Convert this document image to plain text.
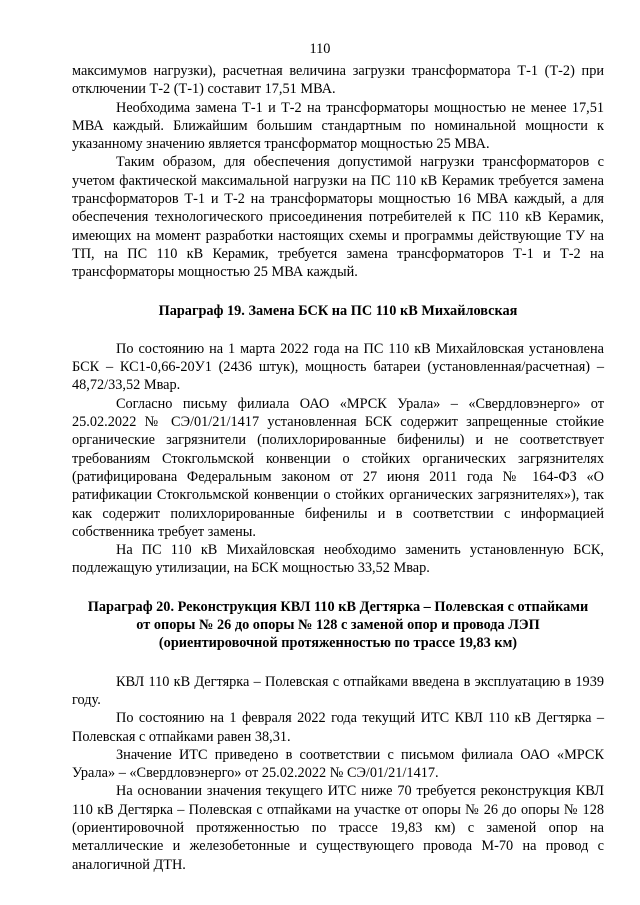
110

максимумов нагрузки), расчетная величина загрузки трансформатора Т-1 (Т-2) при отключении Т-2 (Т-1) составит 17,51 МВА.

Необходима замена Т-1 и Т-2 на трансформаторы мощностью не менее 17,51 МВА каждый. Ближайшим большим стандартным по номинальной мощности к указанному значению является трансформатор мощностью 25 МВА.

Таким образом, для обеспечения допустимой нагрузки трансформаторов с учетом фактической максимальной нагрузки на ПС 110 кВ Керамик требуется замена трансформаторов Т-1 и Т-2 на трансформаторы мощностью 16 МВА каждый, а для обеспечения технологического присоединения потребителей к ПС 110 кВ Керамик, имеющих на момент разработки настоящих схемы и программы действующие ТУ на ТП, на ПС 110 кВ Керамик, требуется замена трансформаторов Т-1 и Т-2 на трансформаторы мощностью 25 МВА каждый.

Параграф 19. Замена БСК на ПС 110 кВ Михайловская

По состоянию на 1 марта 2022 года на ПС 110 кВ Михайловская установлена БСК – КС1-0,66-20У1 (2436 штук), мощность батареи (установленная/расчетная) – 48,72/33,52 Мвар.

Согласно письму филиала ОАО «МРСК Урала» – «Свердловэнерго» от 25.02.2022 № СЭ/01/21/1417 установленная БСК содержит запрещенные стойкие органические загрязнители (полихлорированные бифенилы) и не соответствует требованиям Стокгольмской конвенции о стойких органических загрязнителях (ратифицирована Федеральным законом от 27 июня 2011 года № 164-ФЗ «О ратификации Стокгольмской конвенции о стойких органических загрязнителях»), так как содержит полихлорированные бифенилы и в соответствии с информацией собственника требует замены.

На ПС 110 кВ Михайловская необходимо заменить установленную БСК, подлежащую утилизации, на БСК мощностью 33,52 Мвар.

Параграф 20. Реконструкция КВЛ 110 кВ Дегтярка – Полевская с отпайками
от опоры № 26 до опоры № 128 с заменой опор и провода ЛЭП
(ориентировочной протяженностью по трассе 19,83 км)

КВЛ 110 кВ Дегтярка – Полевская с отпайками введена в эксплуатацию в 1939 году.

По состоянию на 1 февраля 2022 года текущий ИТС КВЛ 110 кВ Дегтярка – Полевская с отпайками равен 38,31.

Значение ИТС приведено в соответствии с письмом филиала ОАО «МРСК Урала» – «Свердловэнерго» от 25.02.2022 № СЭ/01/21/1417.

На основании значения текущего ИТС ниже 70 требуется реконструкция КВЛ 110 кВ Дегтярка – Полевская с отпайками на участке от опоры № 26 до опоры № 128 (ориентировочной протяженностью по трассе 19,83 км) с заменой опор на металлические и железобетонные и существующего провода М-70 на провод с аналогичной ДТН.
